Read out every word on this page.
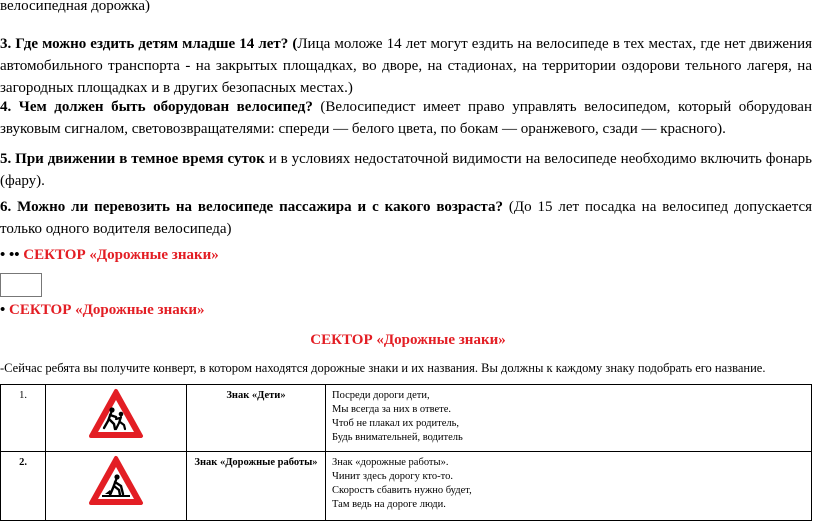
велосипедная дорожка)

3. Где можно ездить детям младше 14 лет? (Лица моложе 14 лет могут ездить на велосипеде в тех местах, где нет движения автомобильного транспорта - на закрытых площадках, во дворе, на стадионах, на территории оздорови тельного лагеря, на загородных площадках и в других безопасных местах.)

4. Чем должен быть оборудован велосипед? (Велосипедист имеет право управлять велосипедом, который оборудован звуковым сигналом, световозвращателями: спереди — белого цвета, по бокам — оранжевого, сзади — красного).

5. При движении в темное время суток и в условиях недостаточной видимости на велосипеде необходимо включить фонарь (фару).

6. Можно ли перевозить на велосипеде пассажира и с какого возраста? (До 15 лет посадка на велосипед допускается только одного водителя велосипеда)

• •• СЕКТОР «Дорожные знаки»
• СЕКТОР «Дорожные знаки»
СЕКТОР «Дорожные знаки»
-Сейчас ребята вы получите конверт, в котором находятся дорожные знаки и их названия. Вы должны к каждому знаку подобрать его название.
1.		Знак «Дети»	Посреди дороги дети,
Мы всегда за них в ответе.
Чтоб не плакал их родитель,
Будь внимательней, водитель

2.		Знак «Дорожные работы»	Знак «дорожные работы».
Чинит здесь дорогу кто-то.
Скоростъ сбавить нужно будет,
Там ведь на дороге люди.
